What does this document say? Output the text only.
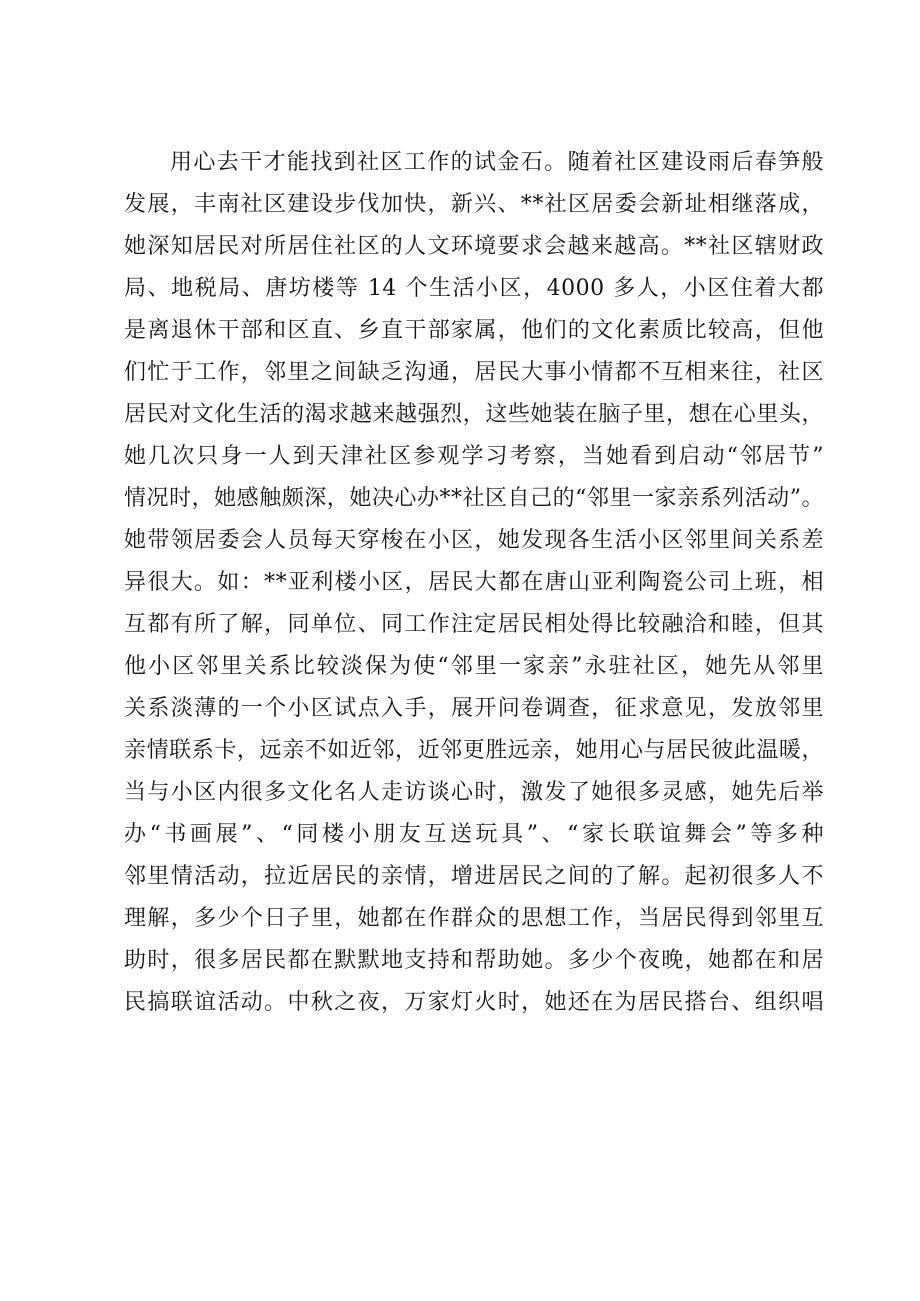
用心去干才能找到社区工作的试金石。随着社区建设雨后春笋般
发展，丰南社区建设步伐加快，新兴、**社区居委会新址相继落成，
她深知居民对所居住社区的人文环境要求会越来越高。**社区辖财政
局、地税局、唐坊楼等 14 个生活小区，4000 多人，小区住着大都
是离退休干部和区直、乡直干部家属，他们的文化素质比较高，但他
们忙于工作，邻里之间缺乏沟通，居民大事小情都不互相来往，社区
居民对文化生活的渴求越来越强烈，这些她装在脑子里，想在心里头，
她几次只身一人到天津社区参观学习考察，当她看到启动“邻居节”
情况时，她感触颇深，她决心办**社区自己的“邻里一家亲系列活动”。
她带领居委会人员每天穿梭在小区，她发现各生活小区邻里间关系差
异很大。如：**亚利楼小区，居民大都在唐山亚利陶瓷公司上班，相
互都有所了解，同单位、同工作注定居民相处得比较融洽和睦，但其
他小区邻里关系比较淡保为使“邻里一家亲”永驻社区，她先从邻里
关系淡薄的一个小区试点入手，展开问卷调查，征求意见，发放邻里
亲情联系卡，远亲不如近邻，近邻更胜远亲，她用心与居民彼此温暖，
当与小区内很多文化名人走访谈心时，激发了她很多灵感，她先后举
办“书画展”、“同楼小朋友互送玩具”、“家长联谊舞会”等多种
邻里情活动，拉近居民的亲情，增进居民之间的了解。起初很多人不
理解，多少个日子里，她都在作群众的思想工作，当居民得到邻里互
助时，很多居民都在默默地支持和帮助她。多少个夜晚，她都在和居
民搞联谊活动。中秋之夜，万家灯火时，她还在为居民搭台、组织唱
